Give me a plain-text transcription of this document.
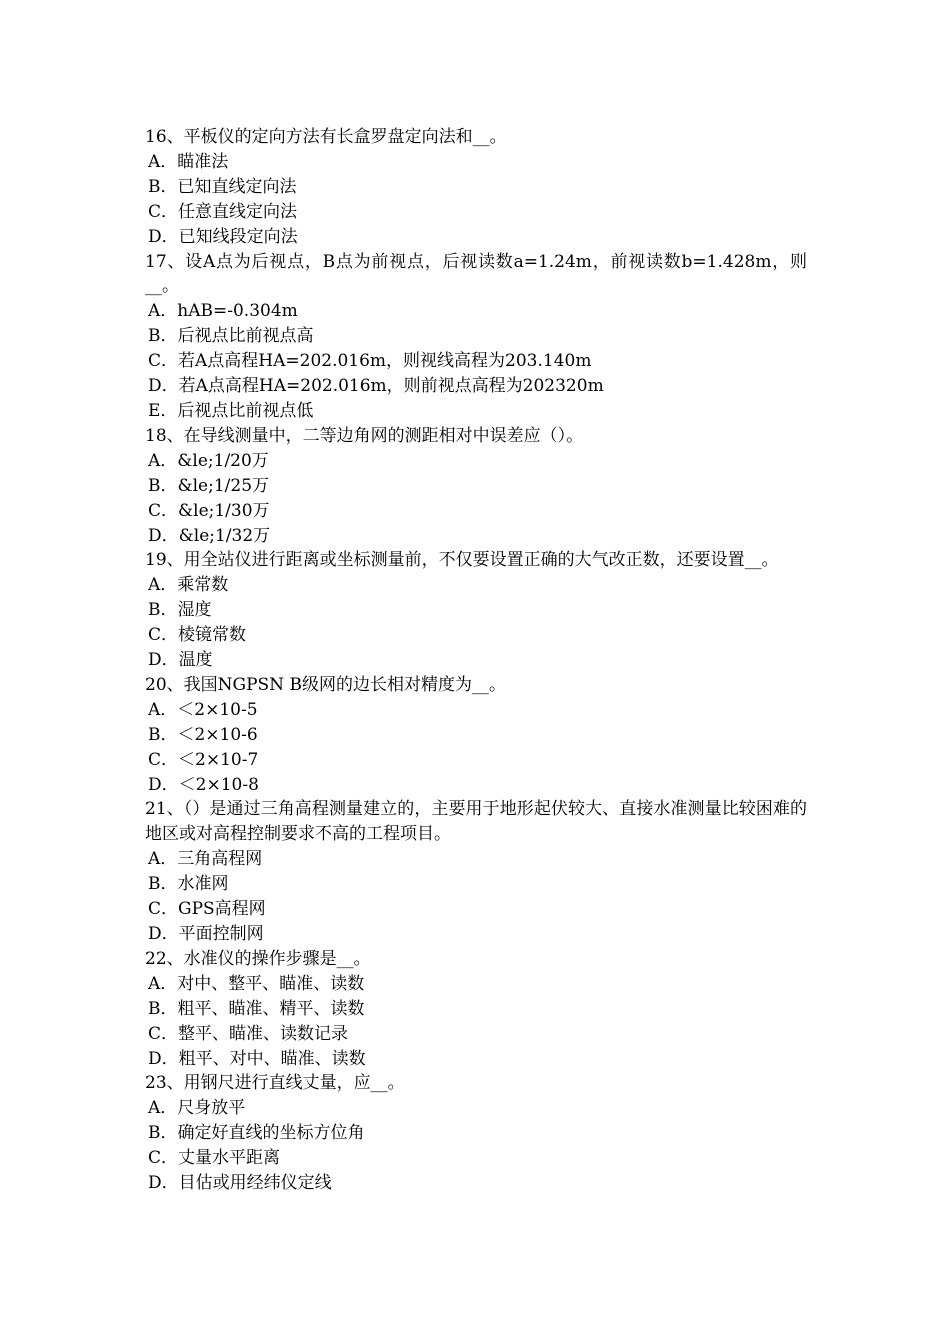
16、平板仪的定向方法有长盒罗盘定向法和__。
A．瞄准法
B．已知直线定向法
C．任意直线定向法
D．已知线段定向法
17、设A点为后视点，B点为前视点，后视读数a=1.24m，前视读数b=1.428m，则__。
A．hAB=-0.304m
B．后视点比前视点高
C．若A点高程HA=202.016m，则视线高程为203.140m
D．若A点高程HA=202.016m，则前视点高程为202320m
E．后视点比前视点低
18、在导线测量中，二等边角网的测距相对中误差应（）。
A．&le;1/20万
B．&le;1/25万
C．&le;1/30万
D．&le;1/32万
19、用全站仪进行距离或坐标测量前，不仅要设置正确的大气改正数，还要设置__。
A．乘常数
B．湿度
C．棱镜常数
D．温度
20、我国NGPSN B级网的边长相对精度为__。
A．＜2×10-5
B．＜2×10-6
C．＜2×10-7
D．＜2×10-8
21、（）是通过三角高程测量建立的，主要用于地形起伏较大、直接水准测量比较困难的地区或对高程控制要求不高的工程项目。
A．三角高程网
B．水准网
C．GPS高程网
D．平面控制网
22、水准仪的操作步骤是__。
A．对中、整平、瞄准、读数
B．粗平、瞄准、精平、读数
C．整平、瞄准、读数记录
D．粗平、对中、瞄准、读数
23、用钢尺进行直线丈量，应__。
A．尺身放平
B．确定好直线的坐标方位角
C．丈量水平距离
D．目估或用经纬仪定线
